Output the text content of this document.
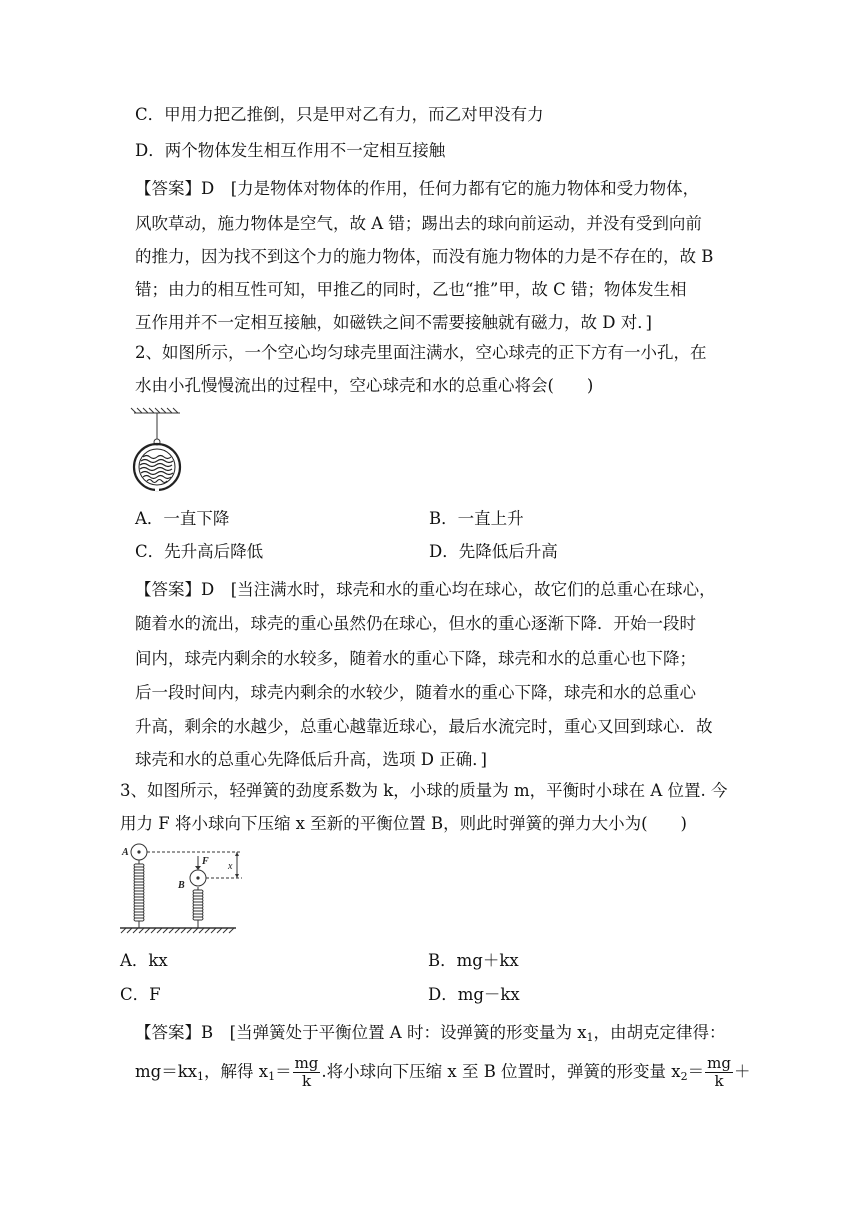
C．甲用力把乙推倒，只是甲对乙有力，而乙对甲没有力
D．两个物体发生相互作用不一定相互接触
【答案】D　[力是物体对物体的作用，任何力都有它的施力物体和受力物体，
风吹草动，施力物体是空气，故 A 错；踢出去的球向前运动，并没有受到向前
的推力，因为找不到这个力的施力物体，而没有施力物体的力是不存在的，故 B
错；由力的相互性可知，甲推乙的同时，乙也“推”甲，故 C 错；物体发生相
互作用并不一定相互接触，如磁铁之间不需要接触就有磁力，故 D 对．]
2、如图所示，一个空心均匀球壳里面注满水，空心球壳的正下方有一小孔，在
水由小孔慢慢流出的过程中，空心球壳和水的总重心将会(　　)
A．一直下降	B．一直上升
C．先升高后降低	D．先降低后升高
【答案】D　[当注满水时，球壳和水的重心均在球心，故它们的总重心在球心，
随着水的流出，球壳的重心虽然仍在球心，但水的重心逐渐下降．开始一段时
间内，球壳内剩余的水较多，随着水的重心下降，球壳和水的总重心也下降；
后一段时间内，球壳内剩余的水较少，随着水的重心下降，球壳和水的总重心
升高，剩余的水越少，总重心越靠近球心，最后水流完时，重心又回到球心．故
球壳和水的总重心先降低后升高，选项 D 正确．]
3、如图所示，轻弹簧的劲度系数为 k，小球的质量为 m，平衡时小球在 A 位置. 今
用力 F 将小球向下压缩 x 至新的平衡位置 B，则此时弹簧的弹力大小为(　　)
A
B
F x
A．kx	B．mg＋kx
C．F	D．mg－kx
【答案】B　[当弹簧处于平衡位置 A 时：设弹簧的形变量为 $x_1$，由胡克定律得：
$mg=kx_1$，解得 $x_1= \frac{mg}{k}$ .将小球向下压缩 x 至 B 位置时，弹簧的形变量 $x_2= \frac{mg}{k}$ ＋
